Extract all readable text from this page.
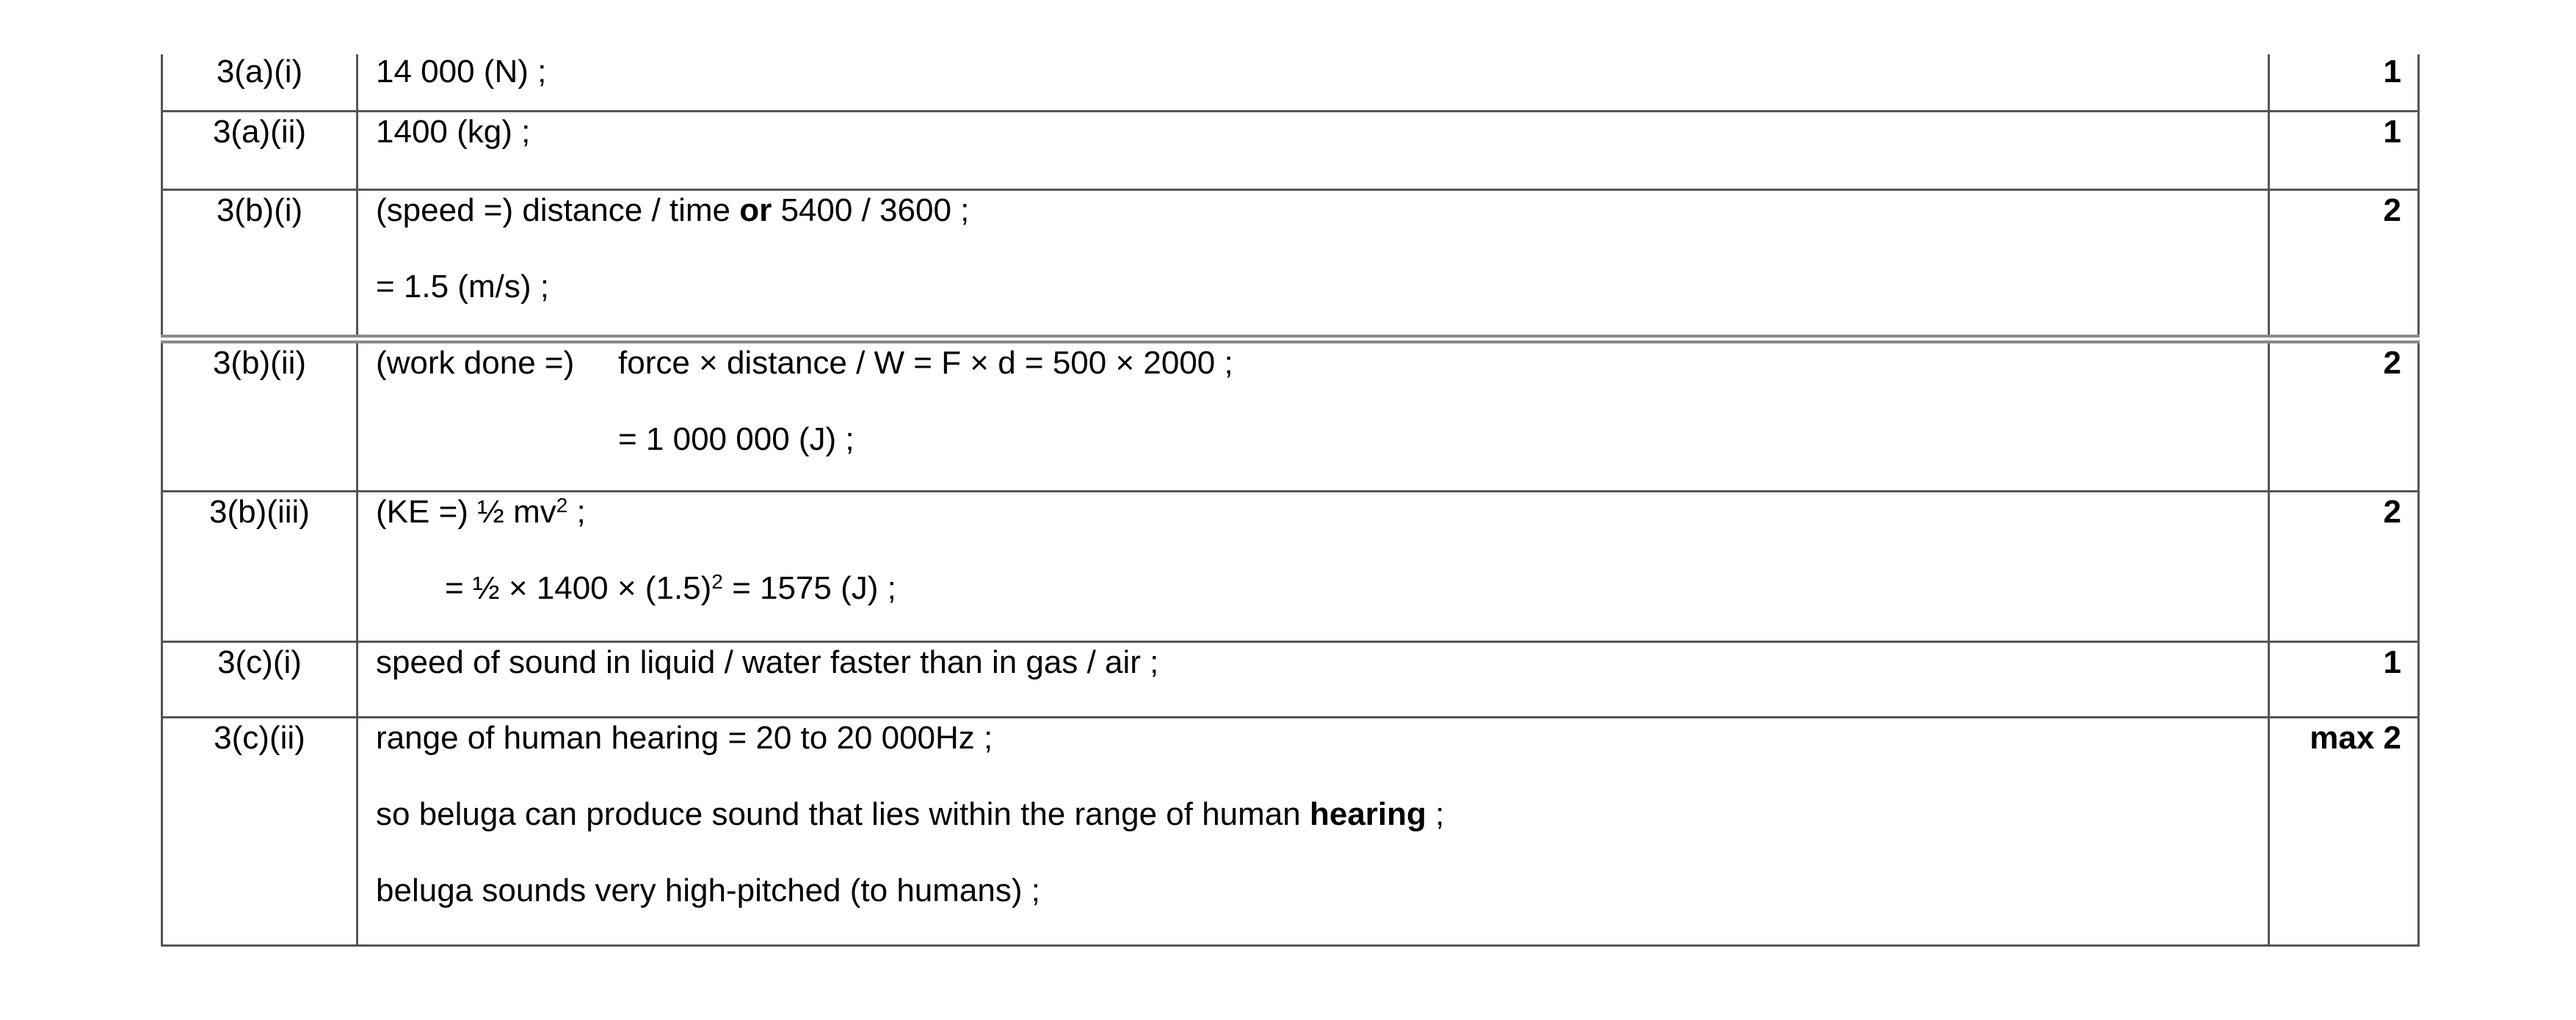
3(a)(i)	14 000 (N) ;	1
3(a)(ii)	1400 (kg) ;	1
3(b)(i)	(speed =) distance / time or 5400 / 3600 ;
= 1.5 (m/s) ;	2
3(b)(ii)	(work done =) force × distance / W = F × d = 500 × 2000 ;
= 1 000 000 (J) ;	2
3(b)(iii)	(KE =) ½ $mv^2$ ;
= ½ × $1400 \times (1.5)^2 = 1575$ (J) ;	2
3(c)(i)	speed of sound in liquid / water faster than in gas / air ;	1
3(c)(ii)	range of human hearing = 20 to 20 000Hz ;
so beluga can produce sound that lies within the range of human hearing ;
beluga sounds very high-pitched (to humans) ;	max 2
